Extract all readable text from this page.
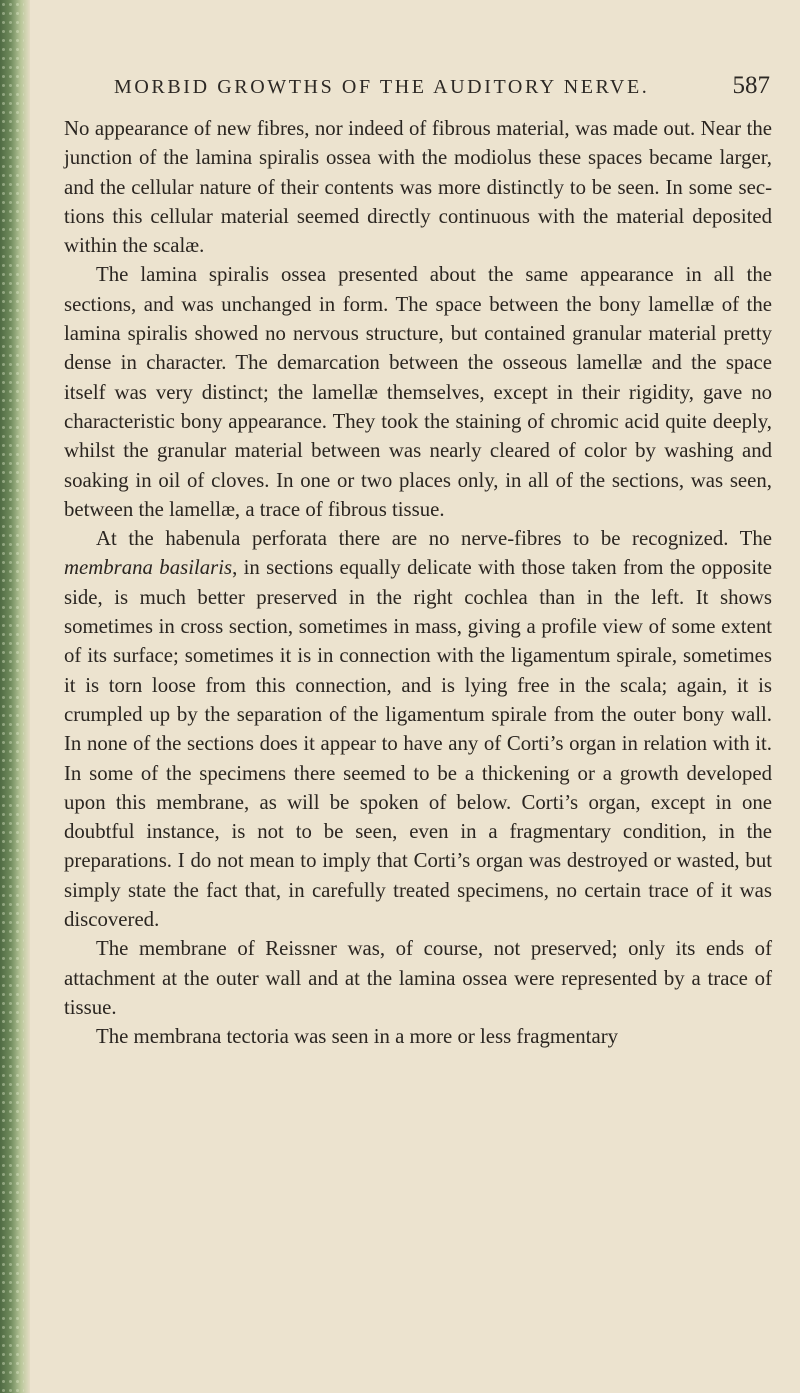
MORBID GROWTHS OF THE AUDITORY NERVE.	587

No appearance of new fibres, nor indeed of fibrous material, was made out. Near the junction of the lamina spiralis ossea with the modiolus these spaces became larger, and the cellular nature of their contents was more distinctly to be seen. In some sections this cellular material seemed directly continuous with the material deposited within the scalæ.

The lamina spiralis ossea presented about the same appearance in all the sections, and was unchanged in form. The space between the bony lamellæ of the lamina spiralis showed no nervous structure, but contained granular material pretty dense in character. The demarcation between the osseous lamellæ and the space itself was very distinct; the lamellæ themselves, except in their rigidity, gave no characteristic bony appearance. They took the staining of chromic acid quite deeply, whilst the granular material between was nearly cleared of color by washing and soaking in oil of cloves. In one or two places only, in all of the sections, was seen, between the lamellæ, a trace of fibrous tissue.

At the habenula perforata there are no nerve-fibres to be recognized. The membrana basilaris, in sections equally delicate with those taken from the opposite side, is much better preserved in the right cochlea than in the left. It shows sometimes in cross section, sometimes in mass, giving a profile view of some extent of its surface; sometimes it is in connection with the ligamentum spirale, sometimes it is torn loose from this connection, and is lying free in the scala; again, it is crumpled up by the separation of the ligamentum spirale from the outer bony wall. In none of the sections does it appear to have any of Corti’s organ in relation with it. In some of the specimens there seemed to be a thickening or a growth developed upon this membrane, as will be spoken of below. Corti’s organ, except in one doubtful instance, is not to be seen, even in a fragmentary condition, in the preparations. I do not mean to imply that Corti’s organ was destroyed or wasted, but simply state the fact that, in carefully treated specimens, no certain trace of it was discovered.

The membrane of Reissner was, of course, not preserved; only its ends of attachment at the outer wall and at the lamina ossea were represented by a trace of tissue.

The membrana tectoria was seen in a more or less fragmentary
